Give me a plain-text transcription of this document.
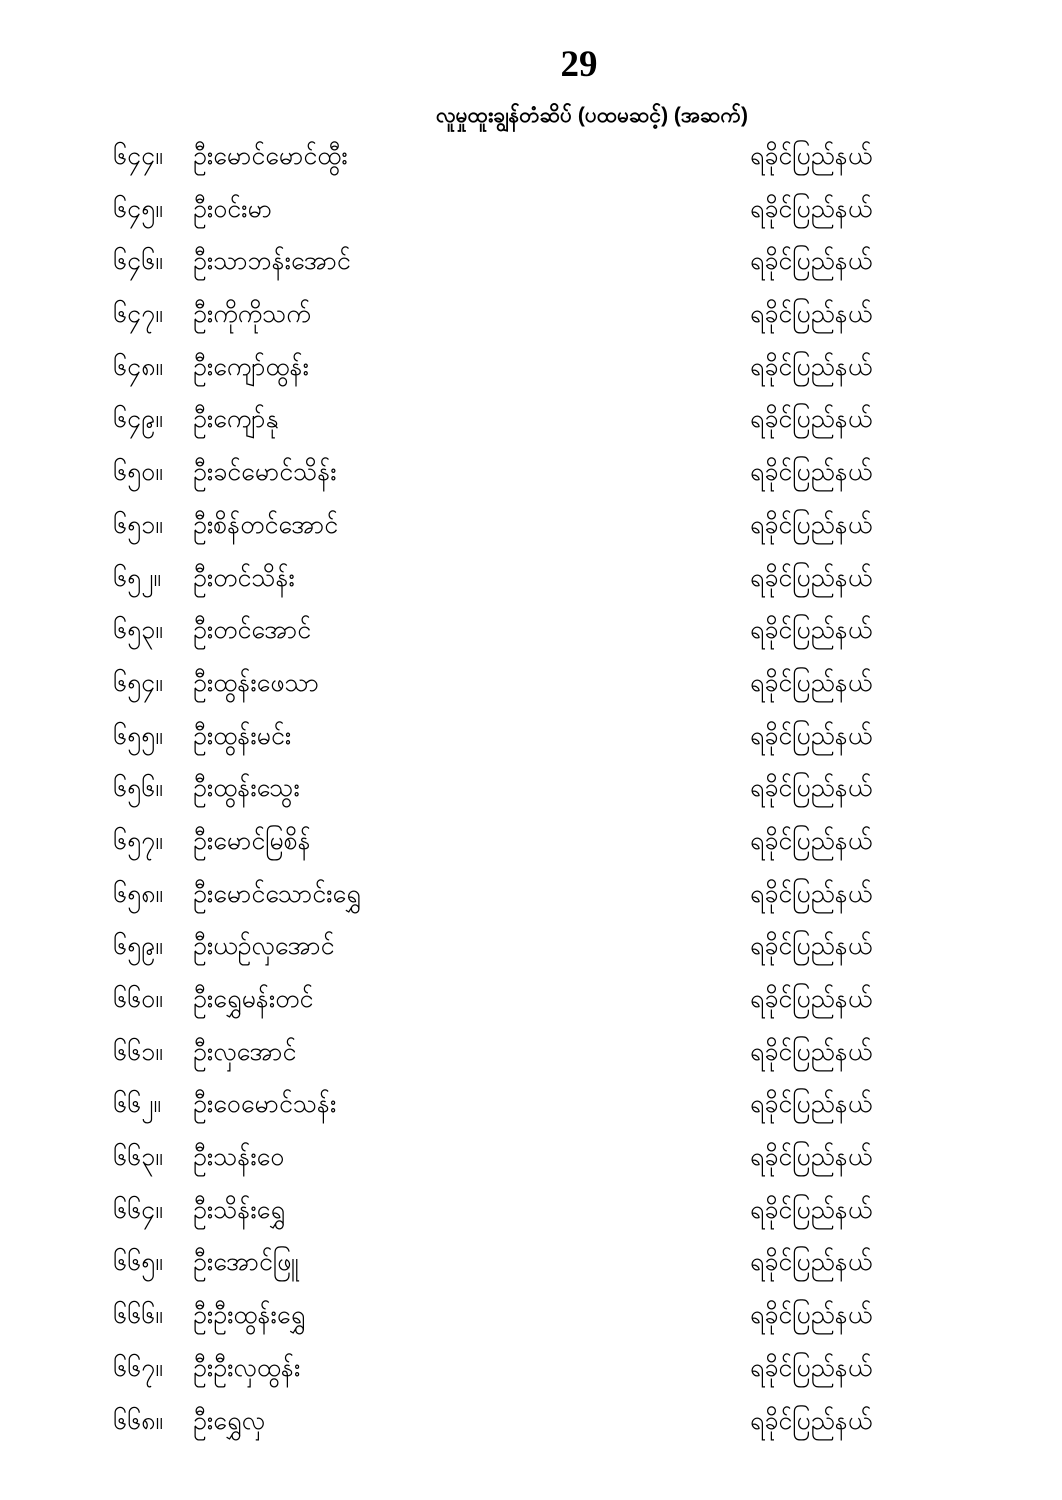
29
လူမှုထူးချွန်တံဆိပ် (ပထမဆင့်) (အဆက်)
၆၄၄။	ဦးမောင်မောင်ထွီး	ရခိုင်ပြည်နယ်
၆၄၅။	ဦးဝင်းမာ	ရခိုင်ပြည်နယ်
၆၄၆။	ဦးသာဘန်းအောင်	ရခိုင်ပြည်နယ်
၆၄၇။	ဦးကိုကိုသက်	ရခိုင်ပြည်နယ်
၆၄၈။	ဦးကျော်ထွန်း	ရခိုင်ပြည်နယ်
၆၄၉။	ဦးကျော်နု	ရခိုင်ပြည်နယ်
၆၅၀။	ဦးခင်မောင်သိန်း	ရခိုင်ပြည်နယ်
၆၅၁။	ဦးစိန်တင်အောင်	ရခိုင်ပြည်နယ်
၆၅၂။	ဦးတင်သိန်း	ရခိုင်ပြည်နယ်
၆၅၃။	ဦးတင်အောင်	ရခိုင်ပြည်နယ်
၆၅၄။	ဦးထွန်းဖေသာ	ရခိုင်ပြည်နယ်
၆၅၅။	ဦးထွန်းမင်း	ရခိုင်ပြည်နယ်
၆၅၆။	ဦးထွန်းသွေး	ရခိုင်ပြည်နယ်
၆၅၇။	ဦးမောင်မြစိန်	ရခိုင်ပြည်နယ်
၆၅၈။	ဦးမောင်သောင်းရွှေ	ရခိုင်ပြည်နယ်
၆၅၉။	ဦးယဉ်လှအောင်	ရခိုင်ပြည်နယ်
၆၆၀။	ဦးရွှေမန်းတင်	ရခိုင်ပြည်နယ်
၆၆၁။	ဦးလှအောင်	ရခိုင်ပြည်နယ်
၆၆၂။	ဦးဝေမောင်သန်း	ရခိုင်ပြည်နယ်
၆၆၃။	ဦးသန်းဝေ	ရခိုင်ပြည်နယ်
၆၆၄။	ဦးသိန်းရွှေ	ရခိုင်ပြည်နယ်
၆၆၅။	ဦးအောင်ဖြူ	ရခိုင်ပြည်နယ်
၆၆၆။	ဦးဦးထွန်းရွှေ	ရခိုင်ပြည်နယ်
၆၆၇။	ဦးဦးလှထွန်း	ရခိုင်ပြည်နယ်
၆၆၈။	ဦးရွှေလှ	ရခိုင်ပြည်နယ်
